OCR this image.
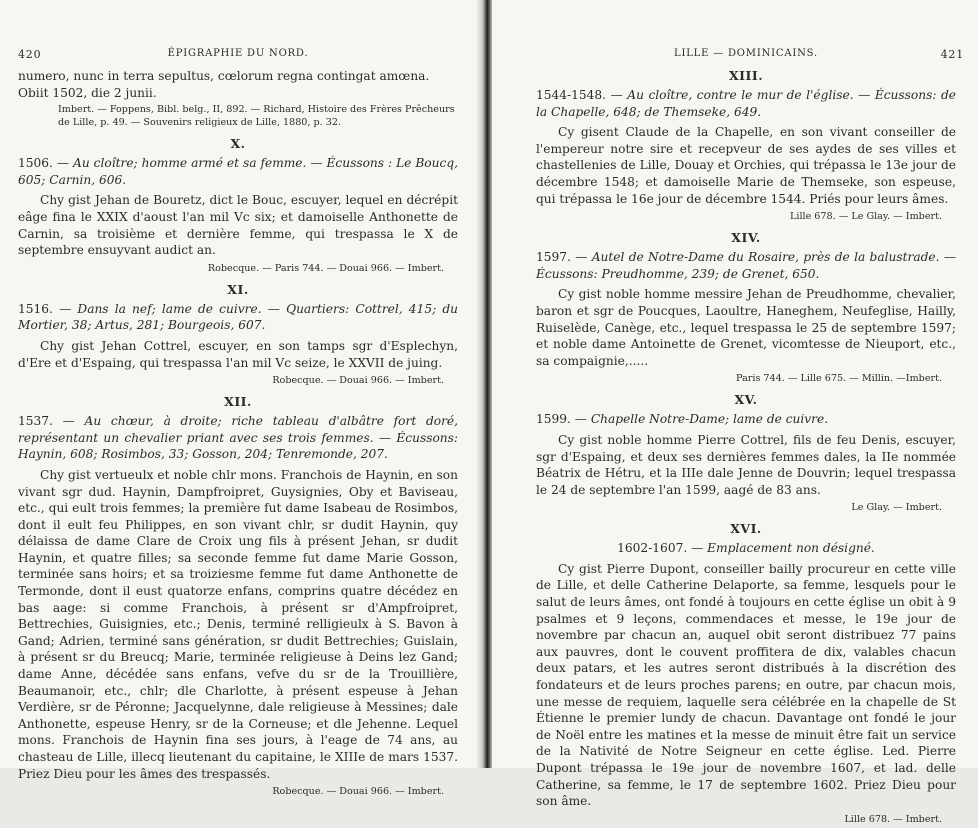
420	ÉPIGRAPHIE DU NORD.

numero, nunc in terra sepultus, cœlorum regna contingat amœna.

Obiit 1502, die 2 junii.

Imbert. — Foppens, Bibl. belg., II, 892. — Richard, Histoire des Frères Prêcheurs de Lille, p. 49. — Souvenirs religieux de Lille, 1880, p. 32.

X.

1506. — Au cloître; homme armé et sa femme. — Écussons : Le Boucq, 605; Carnin, 606.

Chy gist Jehan de Bouretz, dict le Bouc, escuyer, lequel en décrépit eâge fina le XXIX d'aoust l'an mil Vc six; et damoiselle Anthonette de Carnin, sa troisième et dernière femme, qui trespassa le X de septembre ensuyvant audict an.

Robecque. — Paris 744. — Douai 966. — Imbert.

XI.

1516. — Dans la nef; lame de cuivre. — Quartiers: Cottrel, 415; du Mortier, 38; Artus, 281; Bourgeois, 607.

Chy gist Jehan Cottrel, escuyer, en son tamps sgr d'Esplechyn, d'Ere et d'Espaing, qui trespassa l'an mil Vc seize, le XXVII de juing.

Robecque. — Douai 966. — Imbert.

XII.

1537. — Au chœur, à droite; riche tableau d'albâtre fort doré, représentant un chevalier priant avec ses trois femmes. — Écussons: Haynin, 608; Rosimbos, 33; Gosson, 204; Tenremonde, 207.

Chy gist vertueulx et noble chlr mons. Franchois de Haynin, en son vivant sgr dud. Haynin, Dampfroipret, Guysignies, Oby et Baviseau, etc., qui eult trois femmes; la première fut dame Isabeau de Rosimbos, dont il eult feu Philippes, en son vivant chlr, sr dudit Haynin, quy délaissa de dame Clare de Croix ung fils à présent Jehan, sr dudit Haynin, et quatre filles; sa seconde femme fut dame Marie Gosson, terminée sans hoirs; et sa troiziesme femme fut dame Anthonette de Termonde, dont il eust quatorze enfans, comprins quatre décédez en bas aage: si comme Franchois, à présent sr d'Ampfroipret, Bettrechies, Guisignies, etc.; Denis, terminé relligieulx à S. Bavon à Gand; Adrien, terminé sans génération, sr dudit Bettrechies; Guislain, à présent sr du Breucq; Marie, terminée religieuse à Deins lez Gand; dame Anne, décédée sans enfans, vefve du sr de la Trouillière, Beaumanoir, etc., chlr; dle Charlotte, à présent espeuse à Jehan Verdière, sr de Péronne; Jacquelynne, dale religieuse à Messines; dale Anthonette, espeuse Henry, sr de la Corneuse; et dle Jehenne. Lequel mons. Franchois de Haynin fina ses jours, à l'eage de 74 ans, au chasteau de Lille, illecq lieutenant du capitaine, le XIIIe de mars 1537. Priez Dieu pour les âmes des trespassés.

Robecque. — Douai 966. — Imbert.

LILLE — DOMINICAINS.	421
XIII.

1544-1548. — Au cloître, contre le mur de l'église. — Écussons: de la Chapelle, 648; de Themseke, 649.

Cy gisent Claude de la Chapelle, en son vivant conseiller de l'empereur notre sire et recepveur de ses aydes de ses villes et chastellenies de Lille, Douay et Orchies, qui trépassa le 13e jour de décembre 1548; et damoiselle Marie de Themseke, son espeuse, qui trépassa le 16e jour de décembre 1544. Priés pour leurs âmes.

Lille 678. — Le Glay. — Imbert.

XIV.

1597. — Autel de Notre-Dame du Rosaire, près de la balustrade. — Écussons: Preudhomme, 239; de Grenet, 650.

Cy gist noble homme messire Jehan de Preudhomme, chevalier, baron et sgr de Poucques, Laoultre, Haneghem, Neufeglise, Hailly, Ruiselède, Canège, etc., lequel trespassa le 25 de septembre 1597; et noble dame Antoinette de Grenet, vicomtesse de Nieuport, etc., sa compaignie,.....

Paris 744. — Lille 675. — Millin. —Imbert.

XV.

1599. — Chapelle Notre-Dame; lame de cuivre.

Cy gist noble homme Pierre Cottrel, fils de feu Denis, escuyer, sgr d'Espaing, et deux ses dernières femmes dales, la IIe nommée Béatrix de Hétru, et la IIIe dale Jenne de Douvrin; lequel trespassa le 24 de septembre l'an 1599, aagé de 83 ans.

Le Glay. — Imbert.

XVI.

1602-1607. — Emplacement non désigné.

Cy gist Pierre Dupont, conseiller bailly procureur en cette ville de Lille, et delle Catherine Delaporte, sa femme, lesquels pour le salut de leurs âmes, ont fondé à toujours en cette église un obit à 9 psalmes et 9 leçons, commendaces et messe, le 19e jour de novembre par chacun an, auquel obit seront distribuez 77 pains aux pauvres, dont le couvent proffitera de dix, valables chacun deux patars, et les autres seront distribués à la discrétion des fondateurs et de leurs proches parens; en outre, par chacun mois, une messe de requiem, laquelle sera célébrée en la chapelle de St Étienne le premier lundy de chacun. Davantage ont fondé le jour de Noël entre les matines et la messe de minuit être fait un service de la Nativité de Notre Seigneur en cette église. Led. Pierre Dupont trépassa le 19e jour de novembre 1607, et lad. delle Catherine, sa femme, le 17 de septembre 1602. Priez Dieu pour son âme.

Lille 678. — Imbert.
